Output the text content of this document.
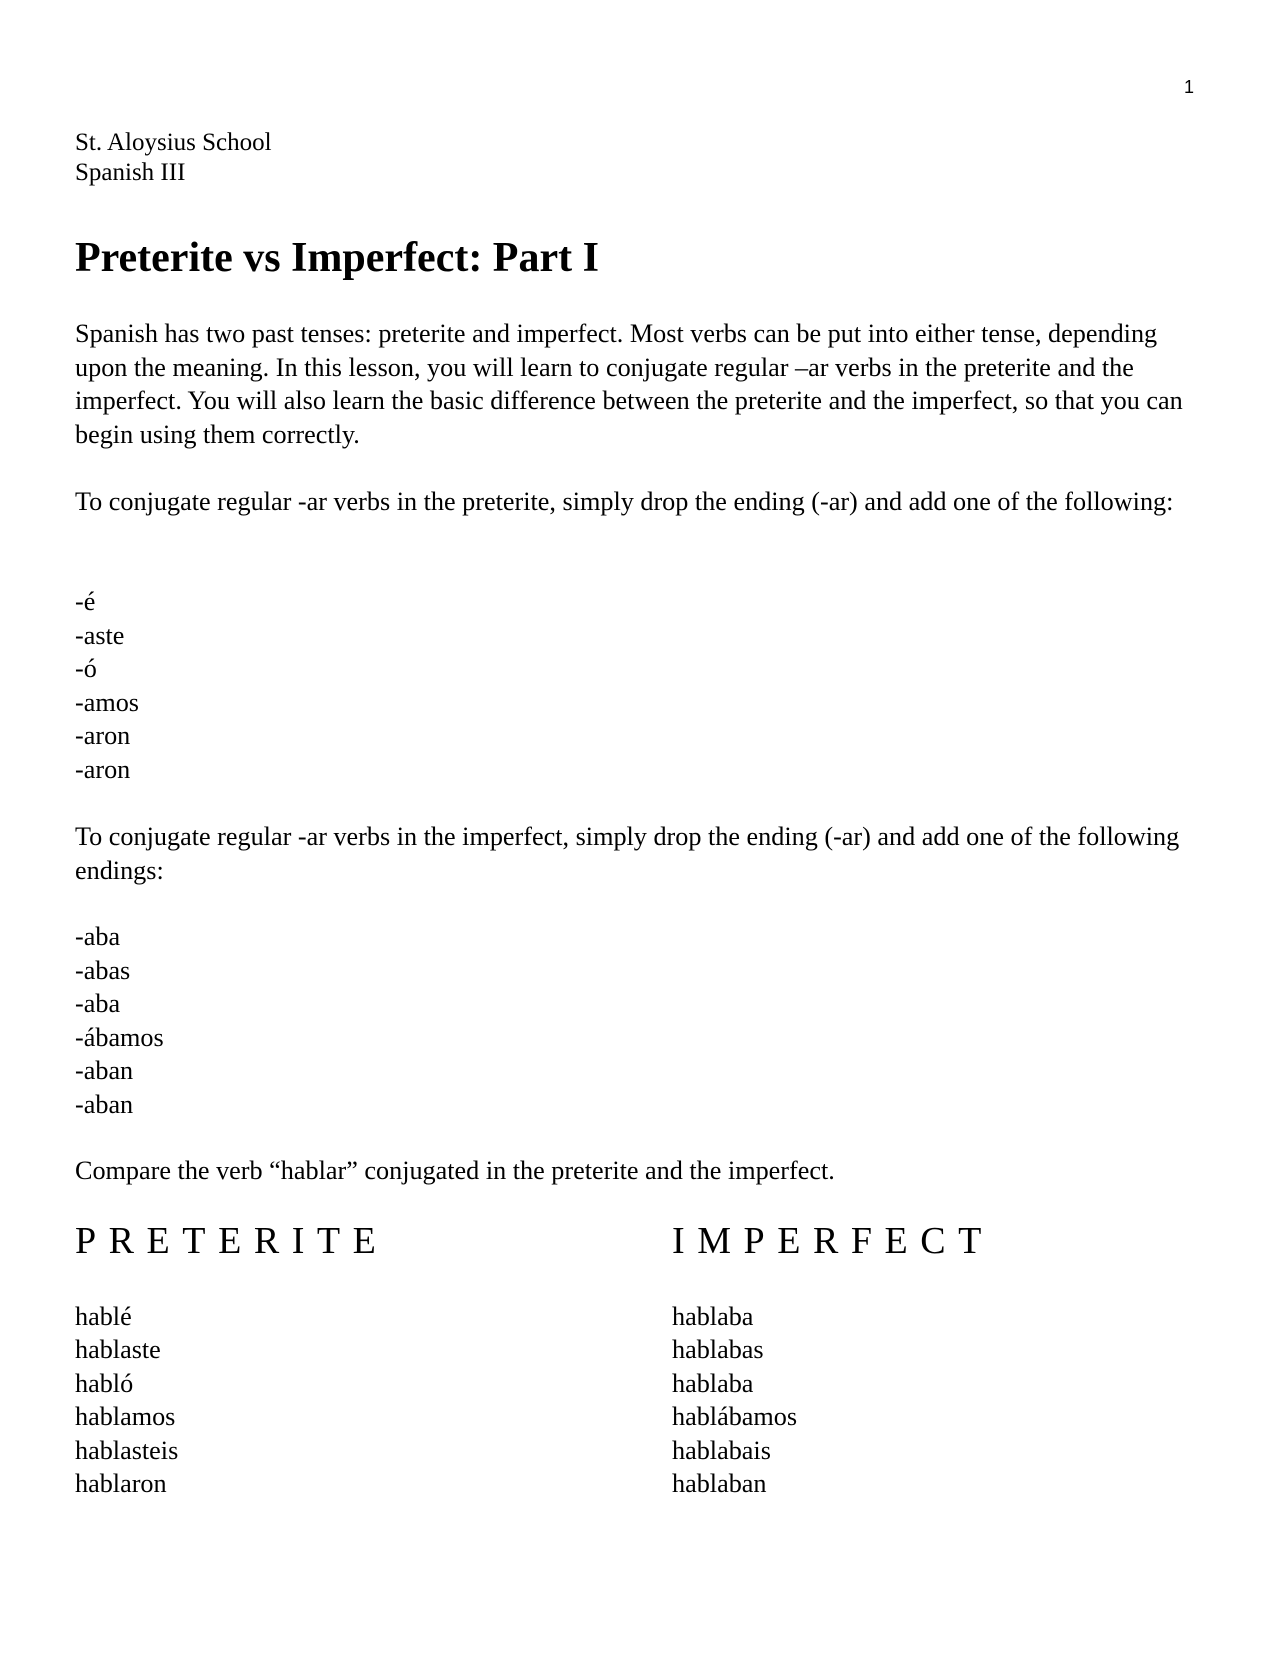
1
St. Aloysius School
Spanish III
Preterite vs Imperfect: Part I

Spanish has two past tenses: preterite and imperfect. Most verbs can be put into either tense, depending upon the meaning. In this lesson, you will learn to conjugate regular –ar verbs in the preterite and the imperfect. You will also learn the basic difference between the preterite and the imperfect, so that you can begin using them correctly.

To conjugate regular -ar verbs in the preterite, simply drop the ending (-ar) and add one of the following:

-é
-aste
-ó
-amos
-aron
-aron

To conjugate regular -ar verbs in the imperfect, simply drop the ending (-ar) and add one of the following endings:

-aba
-abas
-aba
-ábamos
-aban
-aban

Compare the verb “hablar” conjugated in the preterite and the imperfect.

PRETERITE	IMPERFECT
hablé
hablaste
habló
hablamos
hablasteis
hablaron
hablaba
hablabas
hablaba
hablábamos
hablabais
hablaban
